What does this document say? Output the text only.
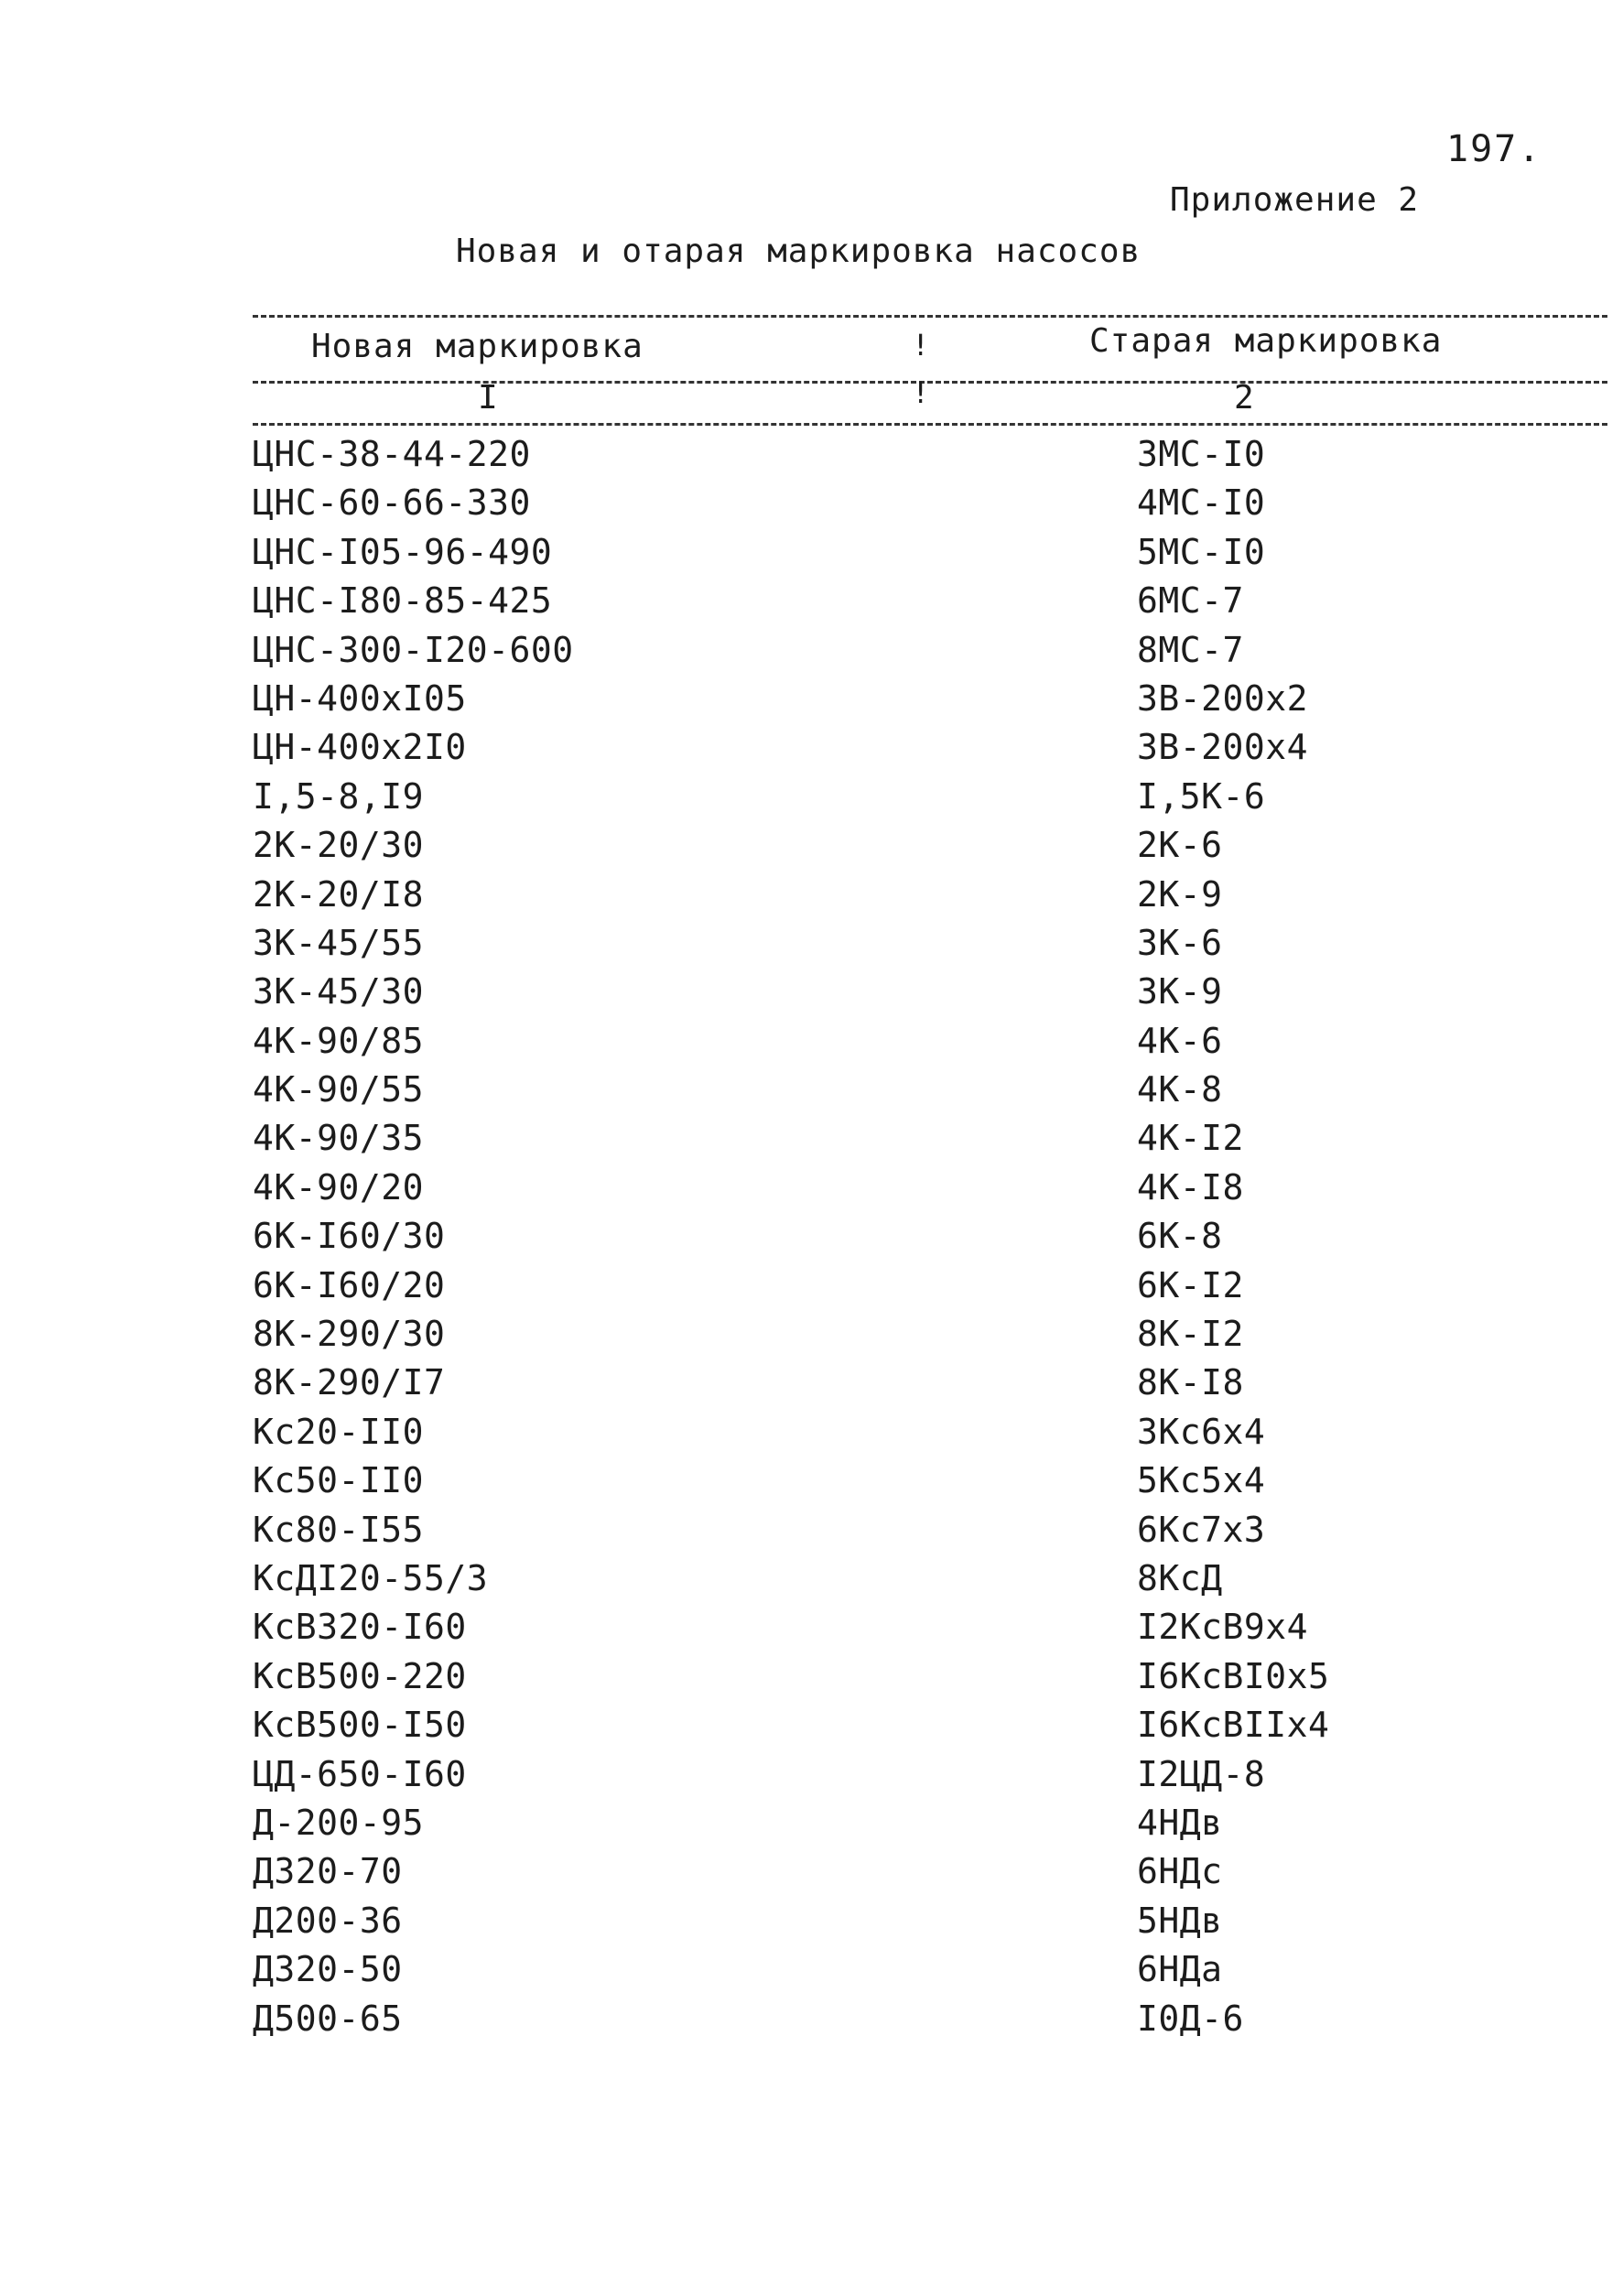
197.
Приложение 2
Новая и отарая маркировка насосов
Новая маркировка	!	Старая маркировка
I	!	2
ЦНС-38-44-220	3МС-I0
ЦНС-60-66-330	4МС-I0
ЦНС-I05-96-490	5МС-I0
ЦНС-I80-85-425	6МС-7
ЦНС-300-I20-600	8МС-7
ЦН-400хI05	3В-200х2
ЦН-400х2I0	3В-200х4
I,5-8,I9	I,5К-6
2К-20/30	2К-6
2К-20/I8	2К-9
3К-45/55	3К-6
3К-45/30	3К-9
4К-90/85	4К-6
4К-90/55	4К-8
4К-90/35	4К-I2
4К-90/20	4К-I8
6К-I60/30	6К-8
6К-I60/20	6К-I2
8К-290/30	8К-I2
8К-290/I7	8К-I8
Кс20-II0	3Кс6х4
Кс50-II0	5Кс5х4
Кс80-I55	6Кс7х3
КсДI20-55/3	8КсД
КсВ320-I60	I2КсВ9х4
КсВ500-220	I6КсВI0х5
КсВ500-I50	I6КсВIIх4
ЦД-650-I60	I2ЦД-8
Д-200-95	4НДв
Д320-70	6НДс
Д200-36	5НДв
Д320-50	6НДа
Д500-65	I0Д-6
